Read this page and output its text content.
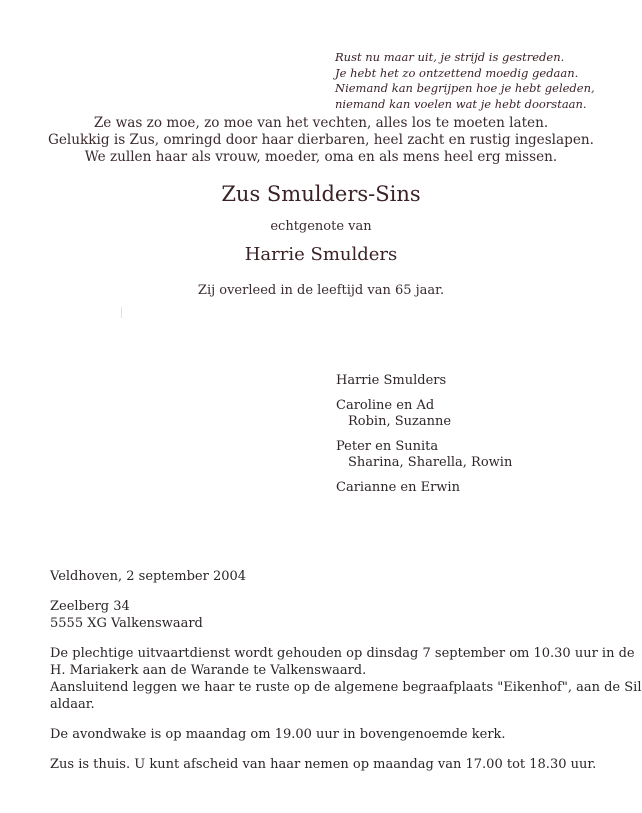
Rust nu maar uit, je strijd is gestreden.
Je hebt het zo ontzettend moedig gedaan.
Niemand kan begrijpen hoe je hebt geleden,
niemand kan voelen wat je hebt doorstaan.
Ze was zo moe, zo moe van het vechten, alles los te moeten laten.
Gelukkig is Zus, omringd door haar dierbaren, heel zacht en rustig ingeslapen.
We zullen haar als vrouw, moeder, oma en als mens heel erg missen.
Zus Smulders-Sins
echtgenote van
Harrie Smulders
Zij overleed in de leeftijd van 65 jaar.
Harrie Smulders
Caroline en Ad
Robin, Suzanne
Peter en Sunita
Sharina, Sharella, Rowin
Carianne en Erwin
Veldhoven, 2 september 2004
Zeelberg 34
5555 XG Valkenswaard
De plechtige uitvaartdienst wordt gehouden op dinsdag 7 september om 10.30 uur in de
H. Mariakerk aan de Warande te Valkenswaard.
Aansluitend leggen we haar te ruste op de algemene begraafplaats "Eikenhof", aan de Sil
aldaar.
De avondwake is op maandag om 19.00 uur in bovengenoemde kerk.
Zus is thuis. U kunt afscheid van haar nemen op maandag van 17.00 tot 18.30 uur.
